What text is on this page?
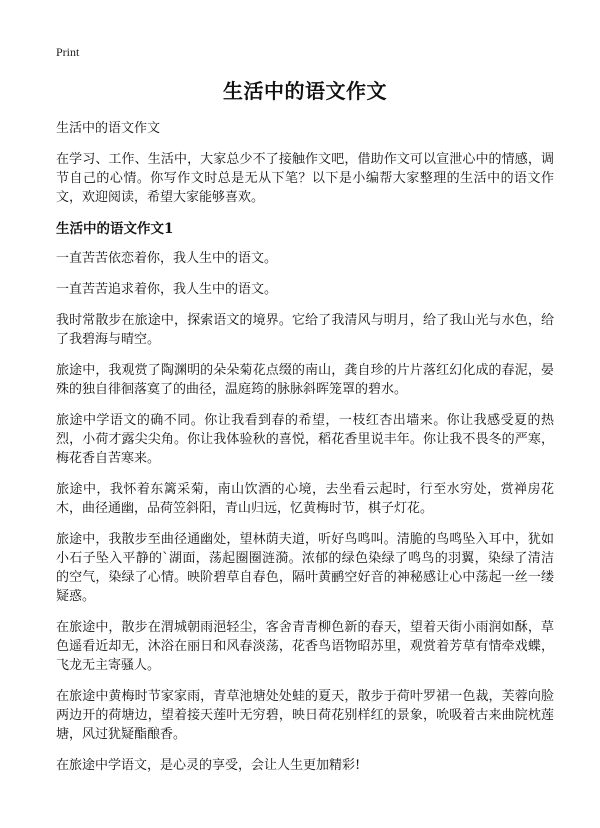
Print
生活中的语文作文

生活中的语文作文

在学习、工作、生活中，大家总少不了接触作文吧，借助作文可以宣泄心中的情感，调节自己的心情。你写作文时总是无从下笔？以下是小编帮大家整理的生活中的语文作文，欢迎阅读，希望大家能够喜欢。

生活中的语文作文1

一直苦苦依恋着你，我人生中的语文。

一直苦苦追求着你，我人生中的语文。

我时常散步在旅途中，探索语文的境界。它给了我清风与明月，给了我山光与水色，给了我碧海与晴空。

旅途中，我观赏了陶渊明的朵朵菊花点缀的南山，龚自珍的片片落红幻化成的春泥，晏殊的独自徘徊落寞了的曲径，温庭筠的脉脉斜晖笼罩的碧水。

旅途中学语文的确不同。你让我看到春的希望，一枝红杏出墙来。你让我感受夏的热烈，小荷才露尖尖角。你让我体验秋的喜悦，稻花香里说丰年。你让我不畏冬的严寒，梅花香自苦寒来。

旅途中，我怀着东篱采菊，南山饮酒的心境，去坐看云起时，行至水穷处，赏禅房花木，曲径通幽，品荷笠斜阳，青山归远，忆黄梅时节，棋子灯花。

旅途中，我散步至曲径通幽处，望林荫夫道，听好鸟鸣叫。清脆的鸟鸣坠入耳中，犹如小石子坠入平静的`湖面，荡起圈圈涟漪。浓郁的绿色染绿了鸣鸟的羽翼，染绿了清洁的空气，染绿了心情。映阶碧草自春色，隔叶黄鹂空好音的神秘感让心中荡起一丝一缕疑惑。

在旅途中，散步在渭城朝雨浥轻尘，客舍青青柳色新的春天，望着天街小雨润如酥，草色遥看近却无，沐浴在丽日和风春淡荡，花香鸟语物昭苏里，观赏着芳草有情牵戏蝶，飞龙无主寄骚人。

在旅途中黄梅时节家家雨，青草池塘处处蛙的夏天，散步于荷叶罗裙一色裁，芙蓉向脸两边开的荷塘边，望着接天莲叶无穷碧，映日荷花别样红的景象，吮吸着古来曲院枕莲塘，风过犹疑酯酿香。

在旅途中学语文，是心灵的享受，会让人生更加精彩!
